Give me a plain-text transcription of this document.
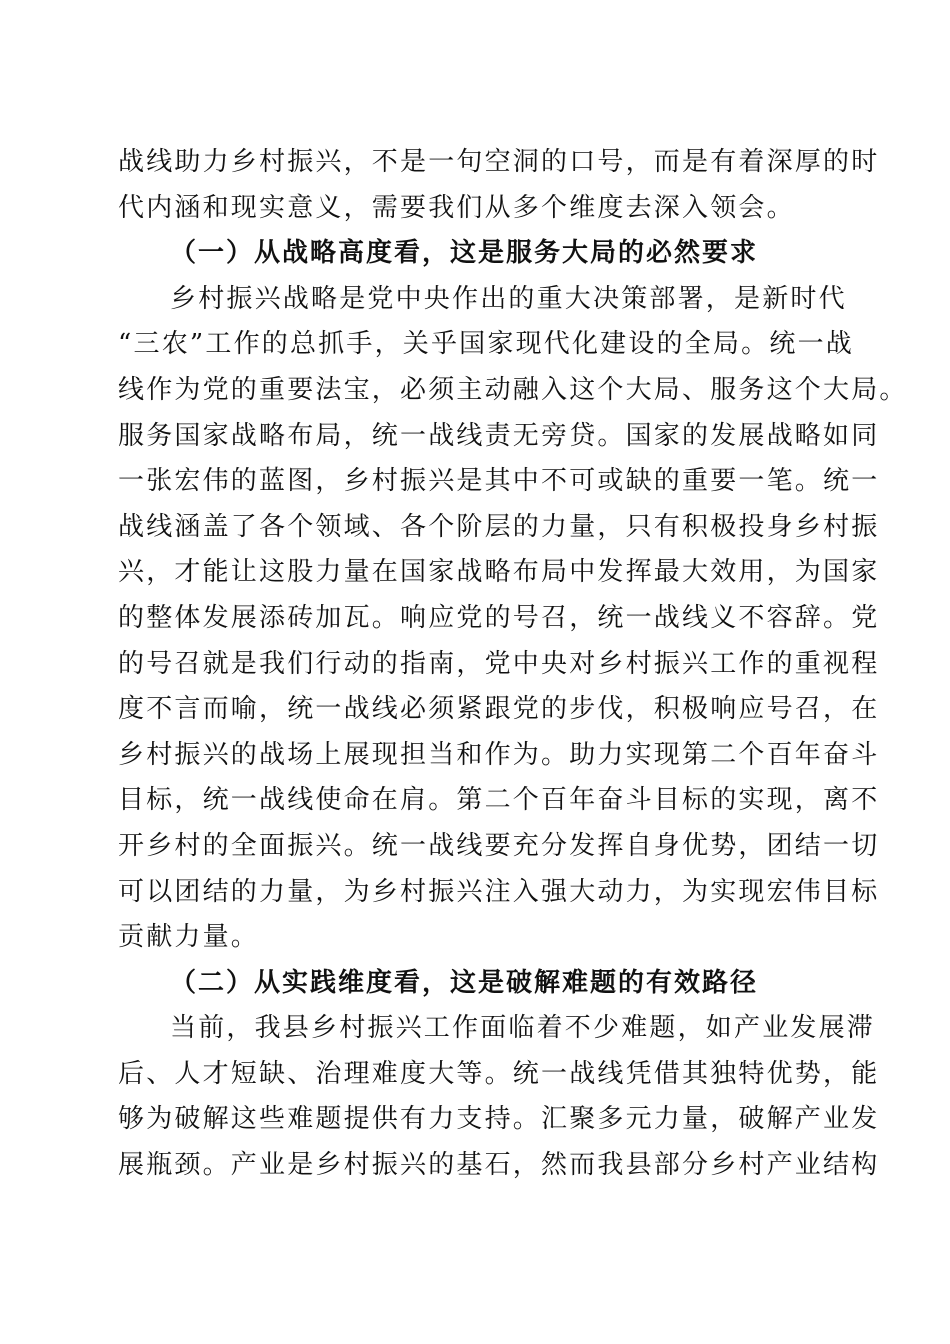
战线助力乡村振兴，不是一句空洞的口号，而是有着深厚的时
代内涵和现实意义，需要我们从多个维度去深入领会。
（一）从战略高度看，这是服务大局的必然要求
乡村振兴战略是党中央作出的重大决策部署，是新时代
“三农”工作的总抓手，关乎国家现代化建设的全局。统一战
线作为党的重要法宝，必须主动融入这个大局、服务这个大局。
服务国家战略布局，统一战线责无旁贷。国家的发展战略如同
一张宏伟的蓝图，乡村振兴是其中不可或缺的重要一笔。统一
战线涵盖了各个领域、各个阶层的力量，只有积极投身乡村振
兴，才能让这股力量在国家战略布局中发挥最大效用，为国家
的整体发展添砖加瓦。响应党的号召，统一战线义不容辞。党
的号召就是我们行动的指南，党中央对乡村振兴工作的重视程
度不言而喻，统一战线必须紧跟党的步伐，积极响应号召，在
乡村振兴的战场上展现担当和作为。助力实现第二个百年奋斗
目标，统一战线使命在肩。第二个百年奋斗目标的实现，离不
开乡村的全面振兴。统一战线要充分发挥自身优势，团结一切
可以团结的力量，为乡村振兴注入强大动力，为实现宏伟目标
贡献力量。
（二）从实践维度看，这是破解难题的有效路径
当前，我县乡村振兴工作面临着不少难题，如产业发展滞
后、人才短缺、治理难度大等。统一战线凭借其独特优势，能
够为破解这些难题提供有力支持。汇聚多元力量，破解产业发
展瓶颈。产业是乡村振兴的基石，然而我县部分乡村产业结构
